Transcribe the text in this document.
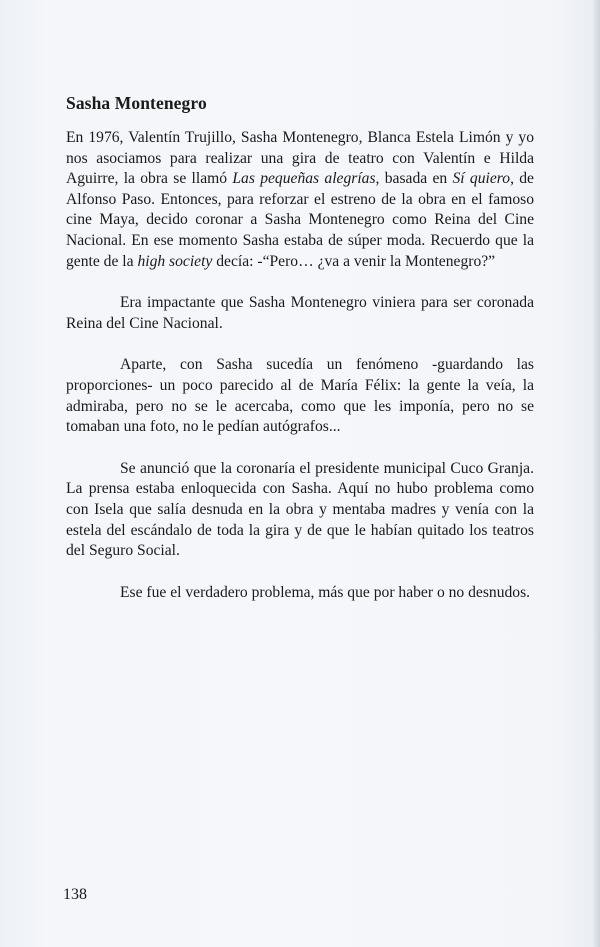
Sasha Montenegro

En 1976, Valentín Trujillo, Sasha Montenegro, Blanca Estela Limón y yo nos asociamos para realizar una gira de teatro con Valentín e Hilda Aguirre, la obra se llamó Las pequeñas alegrías, basada en Sí quiero, de Alfonso Paso. Entonces, para reforzar el estreno de la obra en el famoso cine Maya, decido coronar a Sasha Montenegro como Reina del Cine Nacional. En ese momento Sasha estaba de súper moda. Recuerdo que la gente de la high society decía: -“Pero… ¿va a venir la Montenegro?”

Era impactante que Sasha Montenegro viniera para ser coronada Reina del Cine Nacional.

Aparte, con Sasha sucedía un fenómeno -guardando las proporciones- un poco parecido al de María Félix: la gente la veía, la admiraba, pero no se le acercaba, como que les imponía, pero no se tomaban una foto, no le pedían autógrafos...

Se anunció que la coronaría el presidente municipal Cuco Granja. La prensa estaba enloquecida con Sasha. Aquí no hubo problema como con Isela que salía desnuda en la obra y mentaba madres y venía con la estela del escándalo de toda la gira y de que le habían quitado los teatros del Seguro Social.

Ese fue el verdadero problema, más que por haber o no desnudos.

138
